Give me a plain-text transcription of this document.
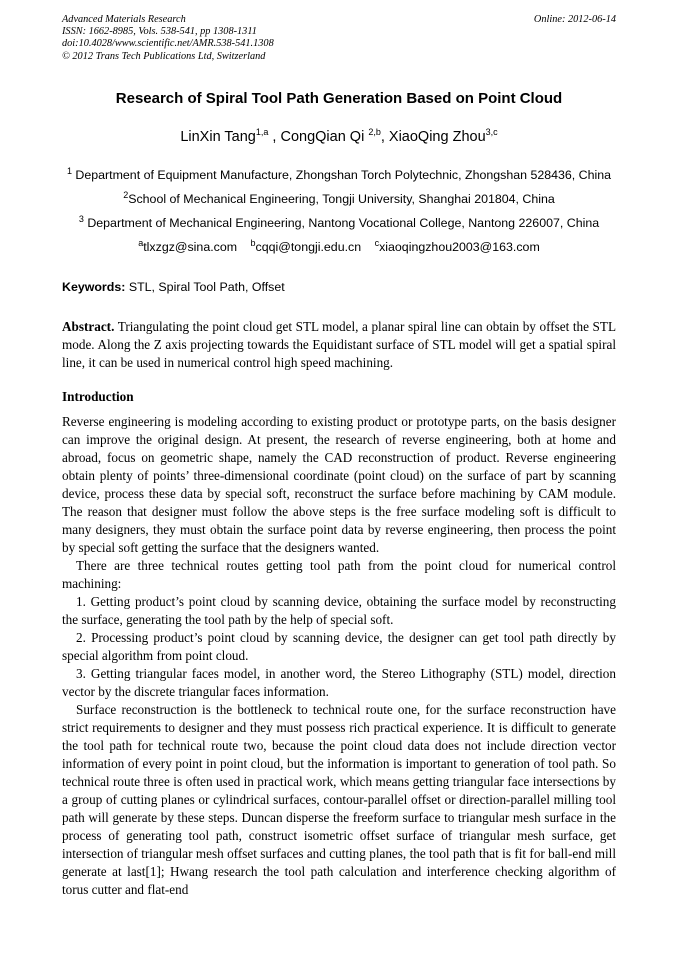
Advanced Materials Research
ISSN: 1662-8985, Vols. 538-541, pp 1308-1311
doi:10.4028/www.scientific.net/AMR.538-541.1308
© 2012 Trans Tech Publications Ltd, Switzerland
Online: 2012-06-14
Research of Spiral Tool Path Generation Based on Point Cloud
LinXin Tang$^{1,a}$ , CongQian Qi $^{2,b}$, XiaoQing Zhou$^{3,c}$
$^1$ Department of Equipment Manufacture, Zhongshan Torch Polytechnic, Zhongshan 528436, China
$^2$School of Mechanical Engineering, Tongji University, Shanghai 201804, China
$^3$ Department of Mechanical Engineering, Nantong Vocational College, Nantong 226007, China
$^a$tlxzgz@sina.com $^b$cqqi@tongji.edu.cn $^c$xiaoqingzhou2003@163.com
Keywords: STL, Spiral Tool Path, Offset

Abstract. Triangulating the point cloud get STL model, a planar spiral line can obtain by offset the STL mode. Along the Z axis projecting towards the Equidistant surface of STL model will get a spatial spiral line, it can be used in numerical control high speed machining.

Introduction

Reverse engineering is modeling according to existing product or prototype parts, on the basis designer can improve the original design. At present, the research of reverse engineering, both at home and abroad, focus on geometric shape, namely the CAD reconstruction of product. Reverse engineering obtain plenty of points’ three-dimensional coordinate (point cloud) on the surface of part by scanning device, process these data by special soft, reconstruct the surface before machining by CAM module. The reason that designer must follow the above steps is the free surface modeling soft is difficult to many designers, they must obtain the surface point data by reverse engineering, then process the point by special soft getting the surface that the designers wanted.

There are three technical routes getting tool path from the point cloud for numerical control machining:

1. Getting product’s point cloud by scanning device, obtaining the surface model by reconstructing the surface, generating the tool path by the help of special soft.

2. Processing product’s point cloud by scanning device, the designer can get tool path directly by special algorithm from point cloud.

3. Getting triangular faces model, in another word, the Stereo Lithography (STL) model, direction vector by the discrete triangular faces information.

Surface reconstruction is the bottleneck to technical route one, for the surface reconstruction have strict requirements to designer and they must possess rich practical experience. It is difficult to generate the tool path for technical route two, because the point cloud data does not include direction vector information of every point in point cloud, but the information is important to generation of tool path. So technical route three is often used in practical work, which means getting triangular face intersections by a group of cutting planes or cylindrical surfaces, contour-parallel offset or direction-parallel milling tool path will generate by these steps. Duncan disperse the freeform surface to triangular mesh surface in the process of generating tool path, construct isometric offset surface of triangular mesh surface, get intersection of triangular mesh offset surfaces and cutting planes, the tool path that is fit for ball-end mill generate at last[1]; Hwang research the tool path calculation and interference checking algorithm of torus cutter and flat-end
